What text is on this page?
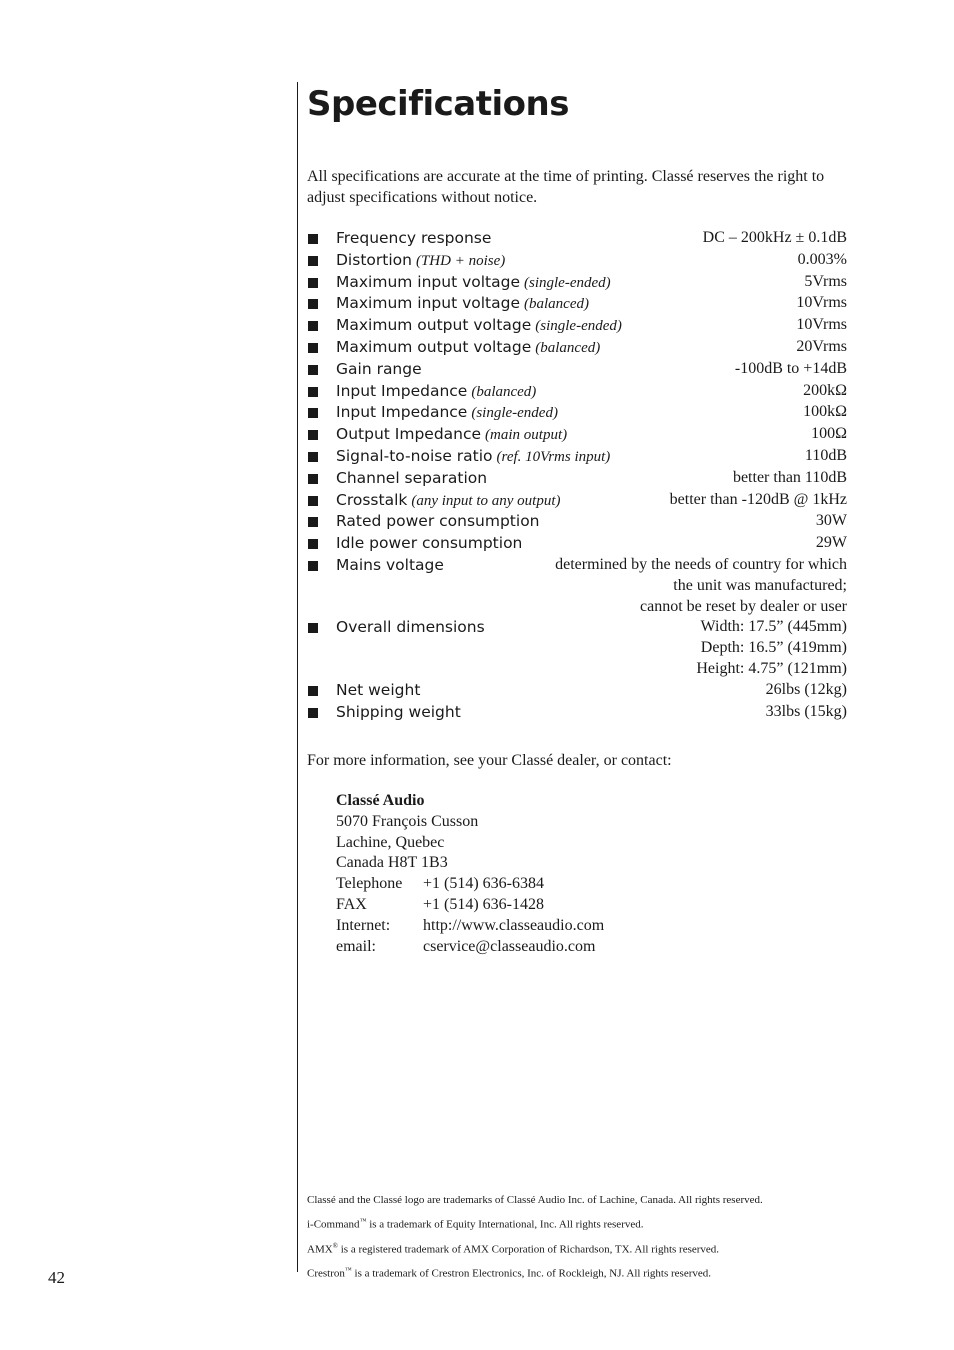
Specifications

All specifications are accurate at the time of printing. Classé reserves the right to adjust specifications without notice.

Frequency response	DC – 200kHz ± 0.1dB
Distortion (THD + noise)	0.003%
Maximum input voltage (single-ended)	5Vrms
Maximum input voltage (balanced)	10Vrms
Maximum output voltage (single-ended)	10Vrms
Maximum output voltage (balanced)	20Vrms
Gain range	-100dB to +14dB
Input Impedance (balanced)	200kΩ
Input Impedance (single-ended)	100kΩ
Output Impedance (main output)	100Ω
Signal-to-noise ratio (ref. 10Vrms input)	110dB
Channel separation	better than 110dB
Crosstalk (any input to any output)	better than -120dB @ 1kHz
Rated power consumption	30W
Idle power consumption	29W
Mains voltage	determined by the needs of country for which
the unit was manufactured;
cannot be reset by dealer or user
Overall dimensions	Width: 17.5” (445mm)
Depth: 16.5” (419mm)
Height: 4.75” (121mm)
Net weight	26lbs (12kg)
Shipping weight	33lbs (15kg)

For more information, see your Classé dealer, or contact:

Classé Audio
5070 François Cusson
Lachine, Quebec
Canada H8T 1B3
Telephone	+1 (514) 636-6384
FAX	+1 (514) 636-1428
Internet:	http://www.classeaudio.com
email:	cservice@classeaudio.com
Classé and the Classé logo are trademarks of Classé Audio Inc. of Lachine, Canada. All rights reserved.
i-Command™ is a trademark of Equity International, Inc. All rights reserved.
AMX® is a registered trademark of AMX Corporation of Richardson, TX. All rights reserved.
Crestron™ is a trademark of Crestron Electronics, Inc. of Rockleigh, NJ. All rights reserved.
42
